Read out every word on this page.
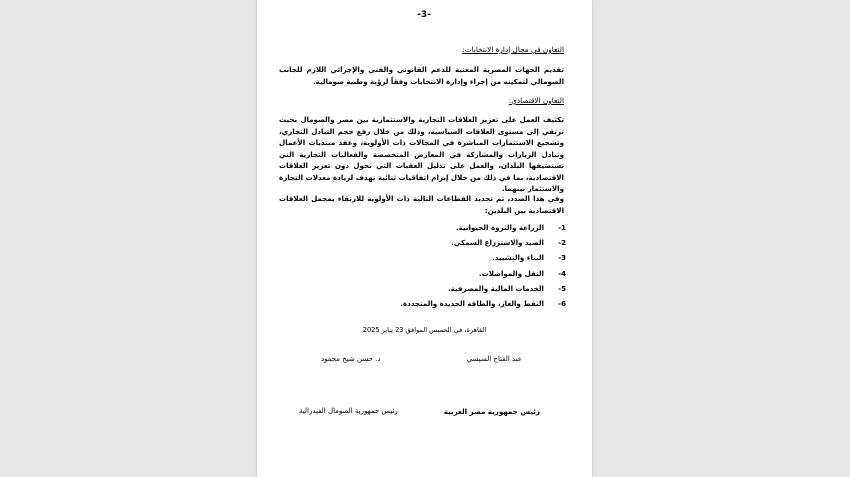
-3-
التعاون في مجال إدارة الانتخابات:
تقديم الجهات المصرية المعنية للدعم القانوني والفني والإجرائي اللازم للجانب الصومالي لتمكينه من إجراء وإدارة الانتخابات وفقاً لرؤية وطنية صومالية.
التعاون الاقتصادي:
تكثيف العمل على تعزيز العلاقات التجارية والاستثمارية بين مصر والصومال بحيث ترتقي إلى مستوى العلاقات السياسية، وذلك من خلال رفع حجم التبادل التجاري، وتشجيع الاستثمارات المباشرة في المجالات ذات الأولوية، وعقد منتديات الأعمال وتبادل الزيارات والمشاركة في المعارض المتخصصة والفعاليات التجارية التي تستضيفها البلدان، والعمل على تذليل العقبات التي تحول دون تعزيز العلاقات الاقتصادية، بما في ذلك من خلال إبرام اتفاقيات ثنائية تهدف لزيادة معدلات التجارة والاستثمار بينهما.
وفي هذا الصدد، تم تحديد القطاعات التالية ذات الأولوية للارتقاء بمجمل العلاقات الاقتصادية بين البلدين:
1 -
الزراعة والثروة الحيوانية.
2 -
الصيد والاستزراع السمكي.
3 -
البناء والتشييد.
4 -
النقل والمواصلات.
5 -
الخدمات المالية والمصرفية.
6 -
النفط والغاز، والطاقة الجديدة والمتجددة.
القاهرة، في الخميس الموافق 23 يناير 2025
عبد الفتاح السيسي
د. حسن شيخ محمود
رئيس جمهورية مصر العربية
رئيس جمهورية الصومال الفيدرالية
